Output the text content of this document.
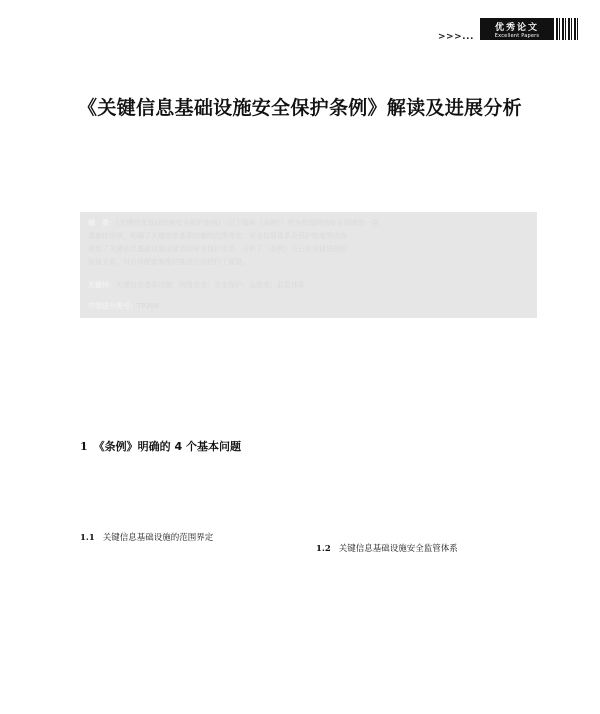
>>>...
优秀论文
Excellent Papers
《关键信息基础设施安全保护条例》解读及进展分析
摘　要：《关键信息基础设施安全保护条例》（以下简称《条例》）作为我国网络安全领域的一项
基础性法规，明确了关键信息基础设施的范围界定、安全监管体系及保护制度等内容
规定了关键信息基础设施运营者的安全保护义务，分析了《条例》与已有法律法规的
衔接关系，对后续配套制度的推进方向进行了展望。
关键词：关键信息基础设施；网络安全；安全保护；运营者；监管体系
中图法分类号：TP309
1 《条例》明确的 4 个基本问题
1.1 关键信息基础设施的范围界定
1.2 关键信息基础设施安全监管体系
